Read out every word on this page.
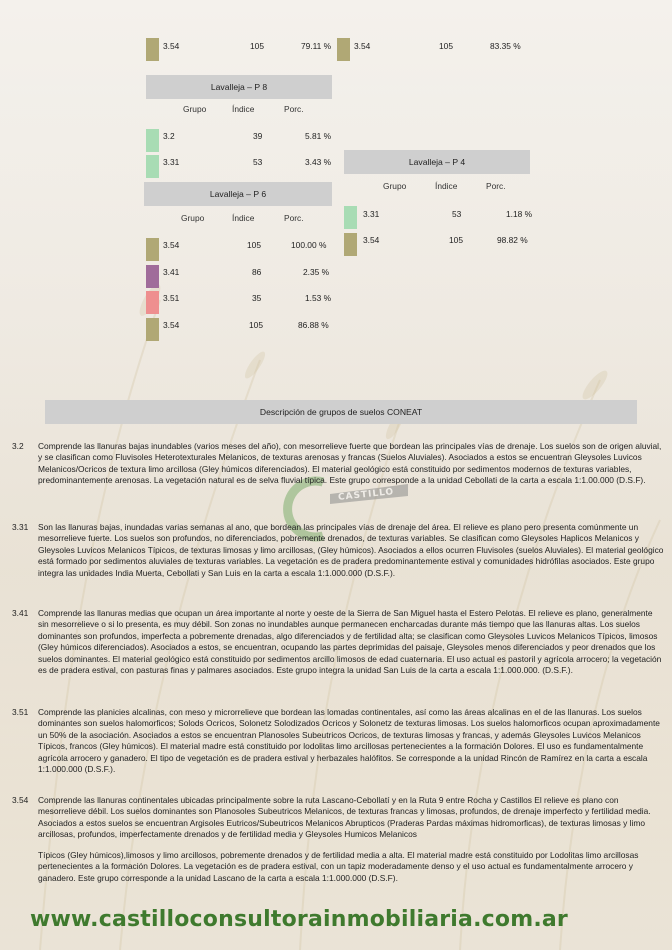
3.54	105	79.11 %	3.54	105	83.35 %
Lavalleja – P 8
Grupo	Índice	Porc.
3.2	39	5.81 %
3.31	53	3.43 %	Lavalleja – P 4
Grupo	Índice	Porc.
3.31	53	1.18 %
3.54	105	98.82 %
Lavalleja – P 6
Grupo	Índice	Porc.
3.54	105	100.00 %
3.41	86	2.35 %
3.51	35	1.53 %
3.54	105	86.88 %
Descripción de grupos de suelos CONEAT
CASTILLO
3.2 Comprende las llanuras bajas inundables (varios meses del año), con mesorrelieve fuerte que bordean las principales vías de drenaje. Los suelos son de origen aluvial, y se clasifican como Fluvisoles Heterotexturales Melanicos, de texturas arenosas y francas (Suelos Aluviales). Asociados a estos se encuentran Gleysoles Luvicos Melanicos/Ocricos de textura limo arcillosa (Gley húmicos diferenciados). El material geológico está constituido por sedimentos modernos de texturas variables, predominantemente arenosas. La vegetación natural es de selva fluvial típica. Este grupo corresponde a la unidad Cebollati de la carta a escala 1:1.00.000 (D.S.F).

3.31 Son las llanuras bajas, inundadas varias semanas al ano, que bordean las principales vías de drenaje del área. El relieve es plano pero presenta comúnmente un mesorrelieve fuerte. Los suelos son profundos, no diferenciados, pobremente drenados, de texturas variables. Se clasifican como Gleysoles Haplicos Melanicos y Gleysoles Luvicos Melanicos Típicos, de texturas limosas y limo arcillosas, (Gley húmicos). Asociados a ellos ocurren Fluvisoles (suelos Aluviales). El material geológico está formado por sedimentos aluviales de texturas variables. La vegetación es de pradera predominantemente estival y comunidades hidrófilas asociados. Este grupo integra las unidades India Muerta, Cebollati y San Luis en la carta a escala 1:1.000.000 (D.S.F.).

3.41 Comprende las llanuras medias que ocupan un área importante al norte y oeste de la Sierra de San Miguel hasta el Estero Pelotas. El relieve es plano, generalmente sin mesorrelieve o si lo presenta, es muy débil. Son zonas no inundables aunque permanecen encharcadas durante más tiempo que las llanuras altas. Los suelos dominantes son profundos, imperfecta a pobremente drenadas, algo diferenciados y de fertilidad alta; se clasifican como Gleysoles Luvicos Melanicos Típicos, limosos (Gley húmicos diferenciados). Asociados a estos, se encuentran, ocupando las partes deprimidas del paisaje, Gleysoles menos diferenciados y peor drenados que los suelos dominantes. El material geológico está constituido por sedimentos arcillo limosos de edad cuaternaria. El uso actual es pastoril y agrícola arrocero; la vegetación es de pradera estival, con pasturas finas y palmares asociados. Este grupo integra la unidad San Luis de la carta a escala 1:1.000.000. (D.S.F.).

3.51 Comprende las planicies alcalinas, con meso y microrrelieve que bordean las lomadas continentales, así como las áreas alcalinas en el de las llanuras. Los suelos dominantes son suelos halomorficos; Solods Ocricos, Solonetz Solodizados Ocricos y Solonetz de texturas limosas. Los suelos halomorficos ocupan aproximadamente un 50% de la asociación. Asociados a estos se encuentran Planosoles Subeutricos Ocricos, de texturas limosas y francas, y además Gleysoles Luvicos Melanicos Típicos, francos (Gley húmicos). El material madre está constituido por lodolitas limo arcillosas pertenecientes a la formación Dolores. El uso es fundamentalmente agrícola arrocero y ganadero. El tipo de vegetación es de pradera estival y herbazales halófitos. Se corresponde a la unidad Rincón de Ramírez en la carta a escala 1:1.000.000 (D.S.F.).

3.54 Comprende las llanuras continentales ubicadas principalmente sobre la ruta Lascano-Cebollatí y en la Ruta 9 entre Rocha y Castillos El relieve es plano con mesorrelieve débil. Los suelos dominantes son Planosoles Subeutricos Melanicos, de texturas francas y limosas, profundos, de drenaje imperfecto y fertilidad media. Asociados a estos suelos se encuentran Argisoles Eutricos/Subeutricos Melanicos Abrupticos (Praderas Pardas máximas hidromorficas), de texturas limosas y limo arcillosas, profundos, imperfectamente drenados y de fertilidad media y Gleysoles Humicos Melanicos

Típicos (Gley húmicos),limosos y limo arcillosos, pobremente drenados y de fertilidad media a alta. El material madre está constituido por Lodolitas limo arcillosas pertenecientes a la formación Dolores. La vegetación es de pradera estival, con un tapiz moderadamente denso y el uso actual es fundamentalmente arrocero y ganadero. Este grupo corresponde a la unidad Lascano de la carta a escala 1:1.000.000 (D.S.F).

www.castilloconsultorainmobiliaria.com.ar
